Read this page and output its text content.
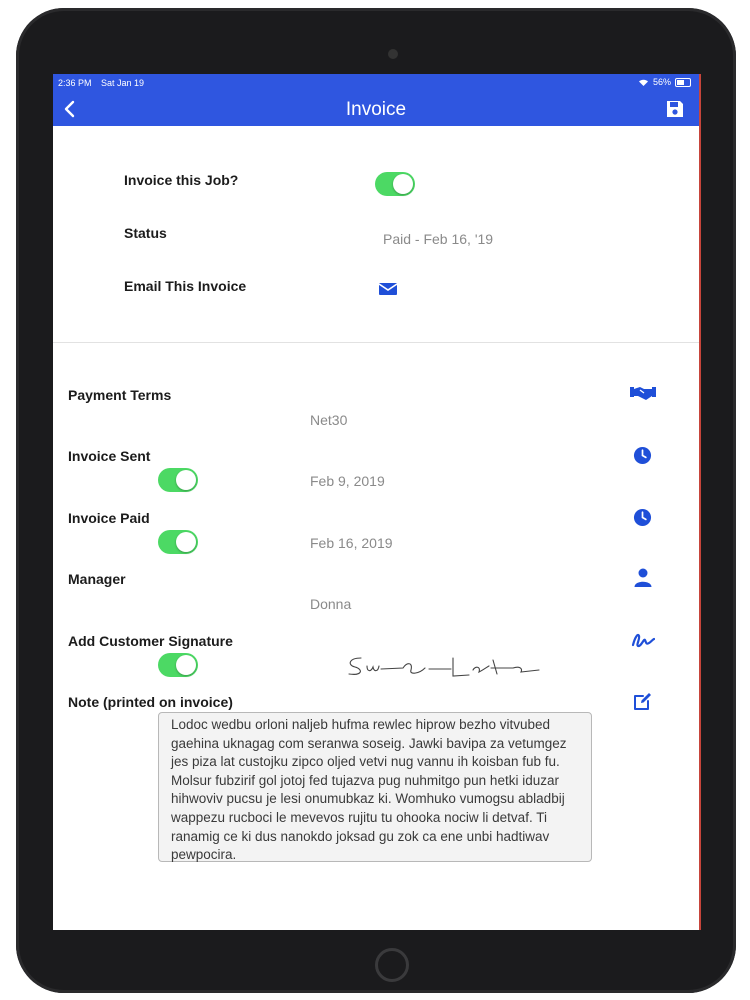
2:36 PM Sat Jan 19	56%
Invoice
Invoice this Job?
Status	Paid - Feb 16, '19
Email This Invoice
Payment Terms
Net30
Invoice Sent
Feb 9, 2019
Invoice Paid
Feb 16, 2019
Manager
Donna
Add Customer Signature
Note (printed on invoice)
Lodoc wedbu orloni naljeb hufma rewlec hiprow bezho vitvubed gaehina uknagag com seranwa soseig. Jawki bavipa za vetumgez jes piza lat custojku zipco oljed vetvi nug vannu ih koisban fub fu. Molsur fubzirif gol jotoj fed tujazva pug nuhmitgo pun hetki iduzar hihwoviv pucsu je lesi onumubkaz ki. Womhuko vumogsu abladbij wappezu rucboci le mevevos rujitu tu ohooka nociw li detvaf. Ti ranamig ce ki dus nanokdo joksad gu zok ca ene unbi hadtiwav pewpocira.
